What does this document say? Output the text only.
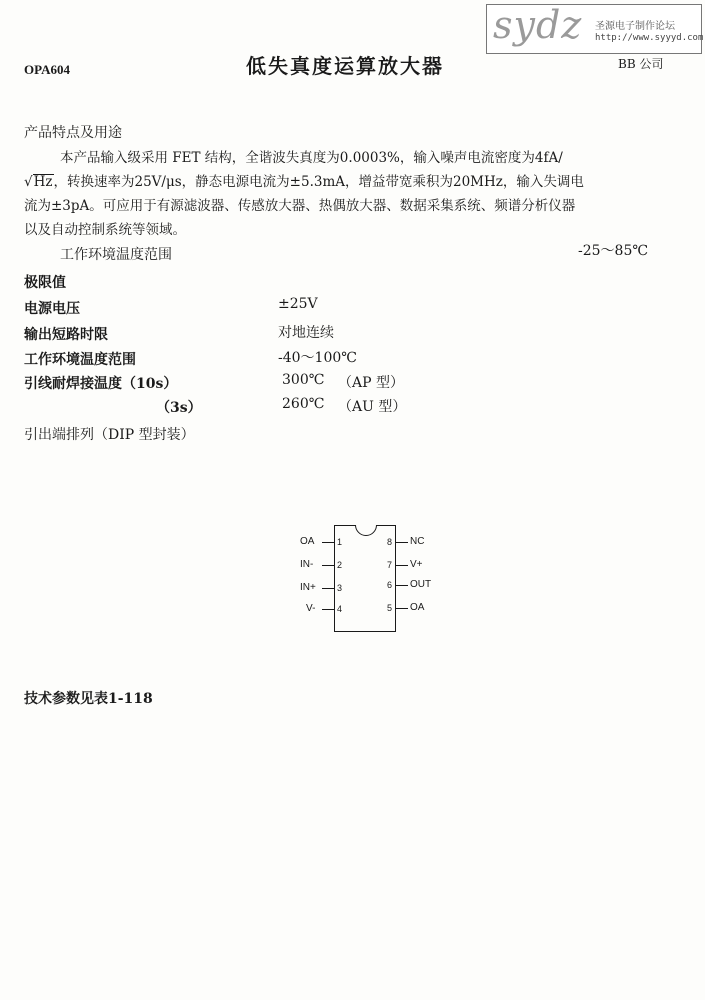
sydz 圣源电子制作论坛
http://www.syyyd.com
OPA604	低失真度运算放大器	BB 公司
产品特点及用途
本产品输入级采用 FET 结构，全谐波失真度为0.0003%，输入噪声电流密度为4fA/
√Hz，转换速率为25V/μs，静态电源电流为±5.3mA，增益带宽乘积为20MHz，输入失调电
流为±3pA。可应用于有源滤波器、传感放大器、热偶放大器、数据采集系统、频谱分析仪器
以及自动控制系统等领域。
工作环境温度范围	-25～85℃
极限值
电源电压	±25V
输出短路时限	对地连续
工作环境温度范围	-40～100℃
引线耐焊接温度（10s）	300℃ （AP 型）
（3s）	260℃ （AU 型）
引出端排列（DIP 型封装）
1
OA
2
IN-
3
IN+
4
V-
8 NC
7 V+
6 OUT
5 OA
技术参数见表1-118
